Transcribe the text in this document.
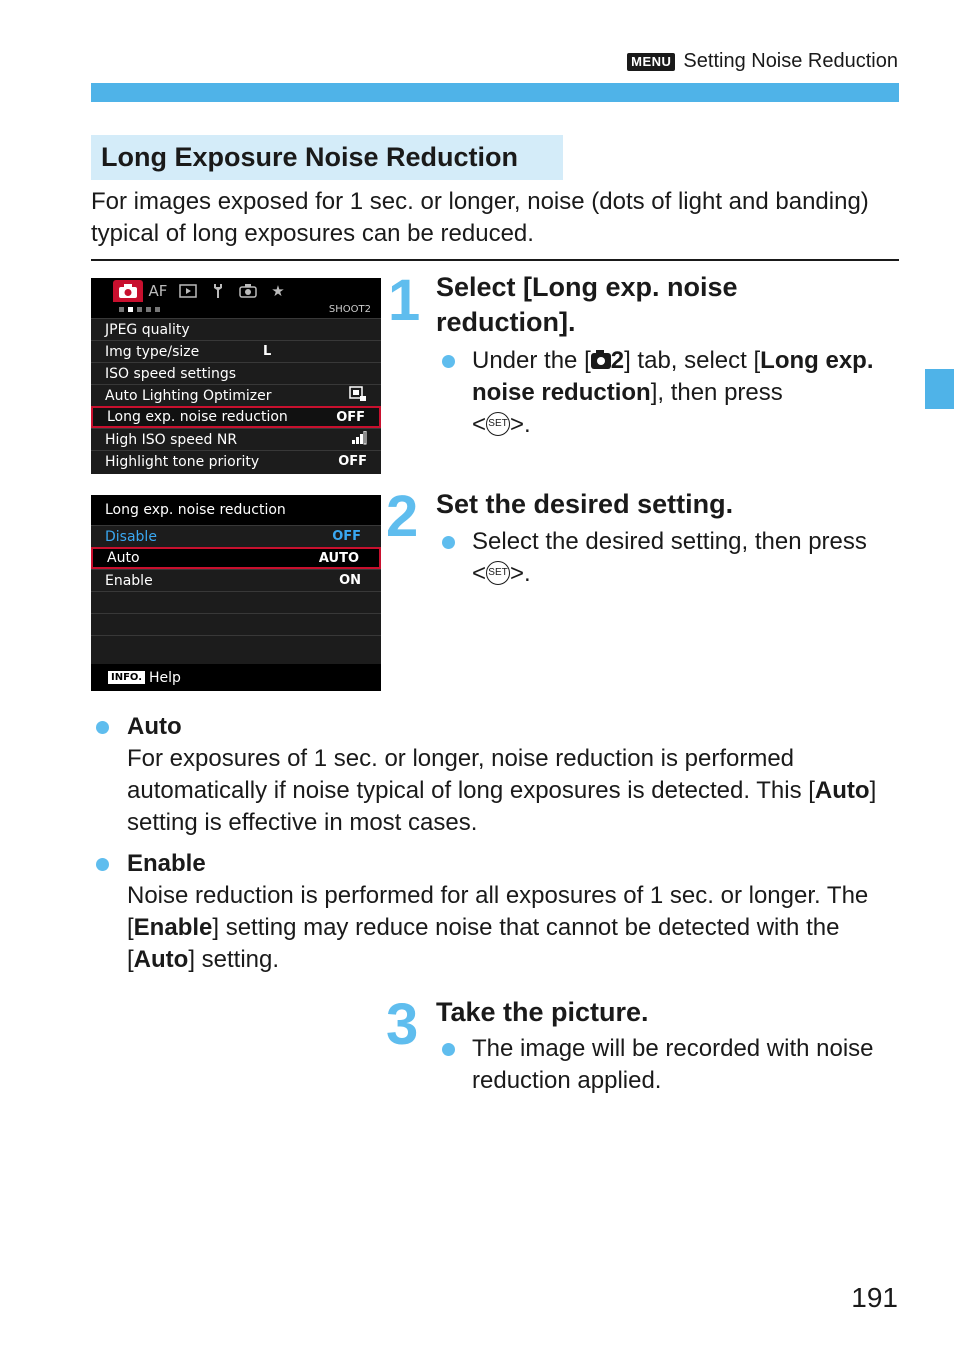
MENU Setting Noise Reduction
Long Exposure Noise Reduction
For images exposed for 1 sec. or longer, noise (dots of light and banding) typical of long exposures can be reduced.
AF	★
SHOOT2
JPEG quality
Img type/size	L
ISO speed settings
Auto Lighting Optimizer
Long exp. noise reduction	OFF
High ISO speed NR
Highlight tone priority	OFF
Long exp. noise reduction
Disable	OFF
Auto	AUTO
Enable	ON
INFO. Help
1 Select [Long exp. noise reduction].
Under the [ 2] tab, select [Long exp. noise reduction], then press
< SET>.
2 Set the desired setting.
Select the desired setting, then press
< SET>.
Auto
For exposures of 1 sec. or longer, noise reduction is performed automatically if noise typical of long exposures is detected. This [Auto] setting is effective in most cases.
Enable
Noise reduction is performed for all exposures of 1 sec. or longer. The [Enable] setting may reduce noise that cannot be detected with the [Auto] setting.
3 Take the picture.
The image will be recorded with noise reduction applied.
191
